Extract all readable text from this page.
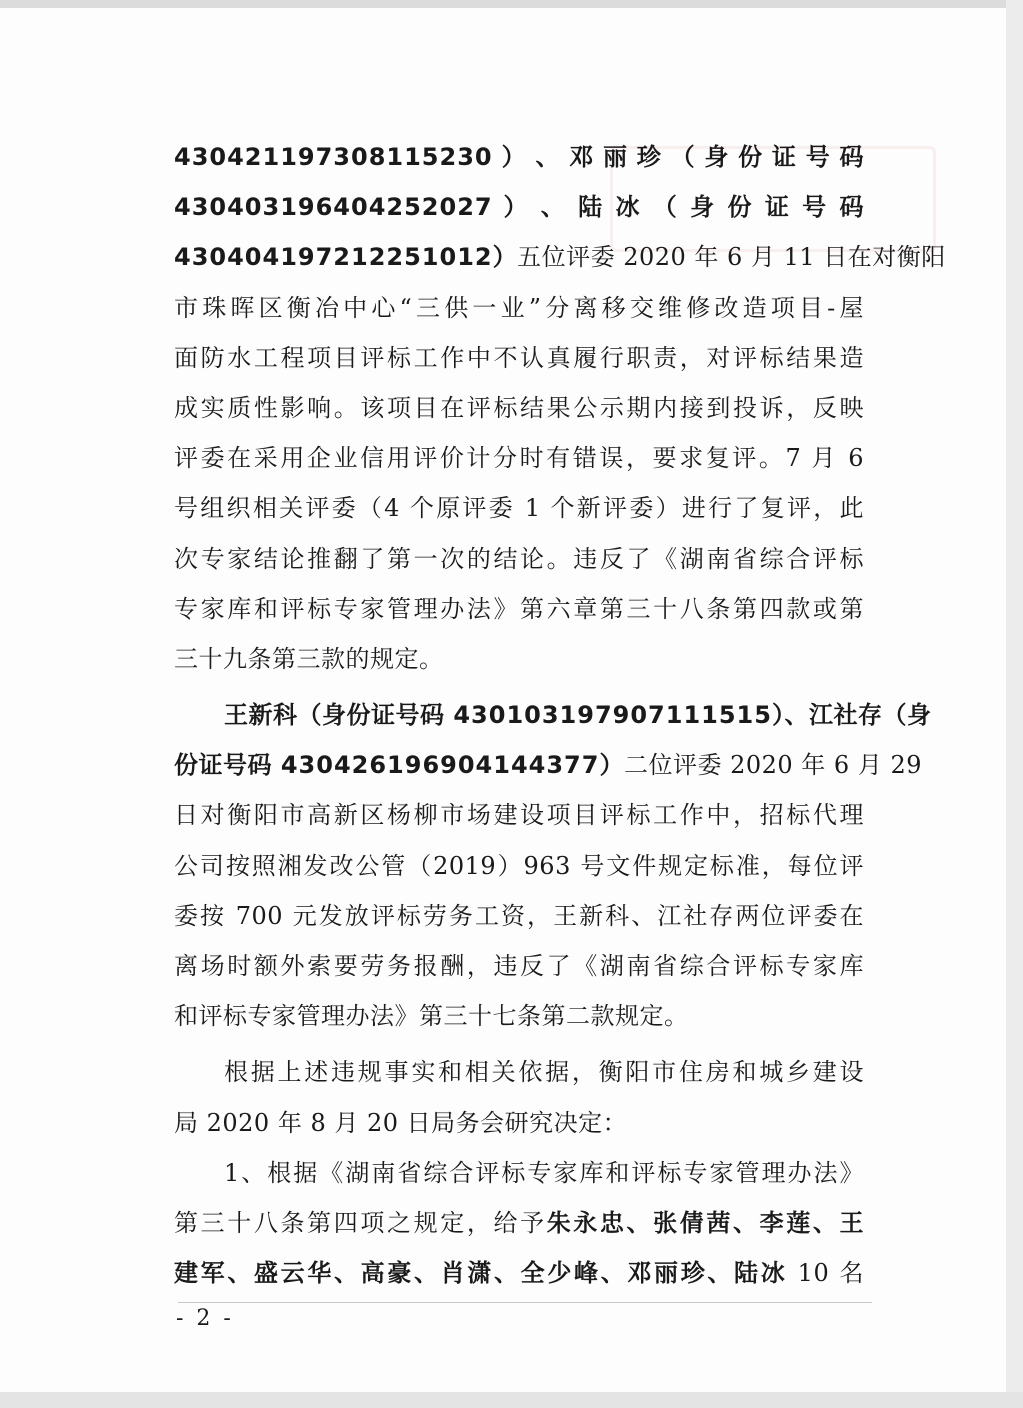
430421197308115230 ） 、 邓 丽 珍 （ 身 份 证 号 码
430403196404252027 ） 、 陆 冰 （ 身 份 证 号 码
430404197212251012）五位评委 2020 年 6 月 11 日在对衡阳
市珠晖区衡冶中心“三供一业”分离移交维修改造项目-屋
面防水工程项目评标工作中不认真履行职责，对评标结果造
成实质性影响。该项目在评标结果公示期内接到投诉，反映
评委在采用企业信用评价计分时有错误，要求复评。7 月 6
号组织相关评委（4 个原评委 1 个新评委）进行了复评，此
次专家结论推翻了第一次的结论。违反了《湖南省综合评标
专家库和评标专家管理办法》第六章第三十八条第四款或第
三十九条第三款的规定。
王新科（身份证号码 430103197907111515）、江社存（身
份证号码 430426196904144377）二位评委 2020 年 6 月 29
日对衡阳市高新区杨柳市场建设项目评标工作中，招标代理
公司按照湘发改公管（2019）963 号文件规定标准，每位评
委按 700 元发放评标劳务工资，王新科、江社存两位评委在
离场时额外索要劳务报酬，违反了《湖南省综合评标专家库
和评标专家管理办法》第三十七条第二款规定。
根据上述违规事实和相关依据，衡阳市住房和城乡建设
局 2020 年 8 月 20 日局务会研究决定：
1、根据《湖南省综合评标专家库和评标专家管理办法》
第三十八条第四项之规定，给予朱永忠、张倩茜、李莲、王
建军、盛云华、高豪、肖潇、全少峰、邓丽珍、陆冰 10 名
- 2 -
